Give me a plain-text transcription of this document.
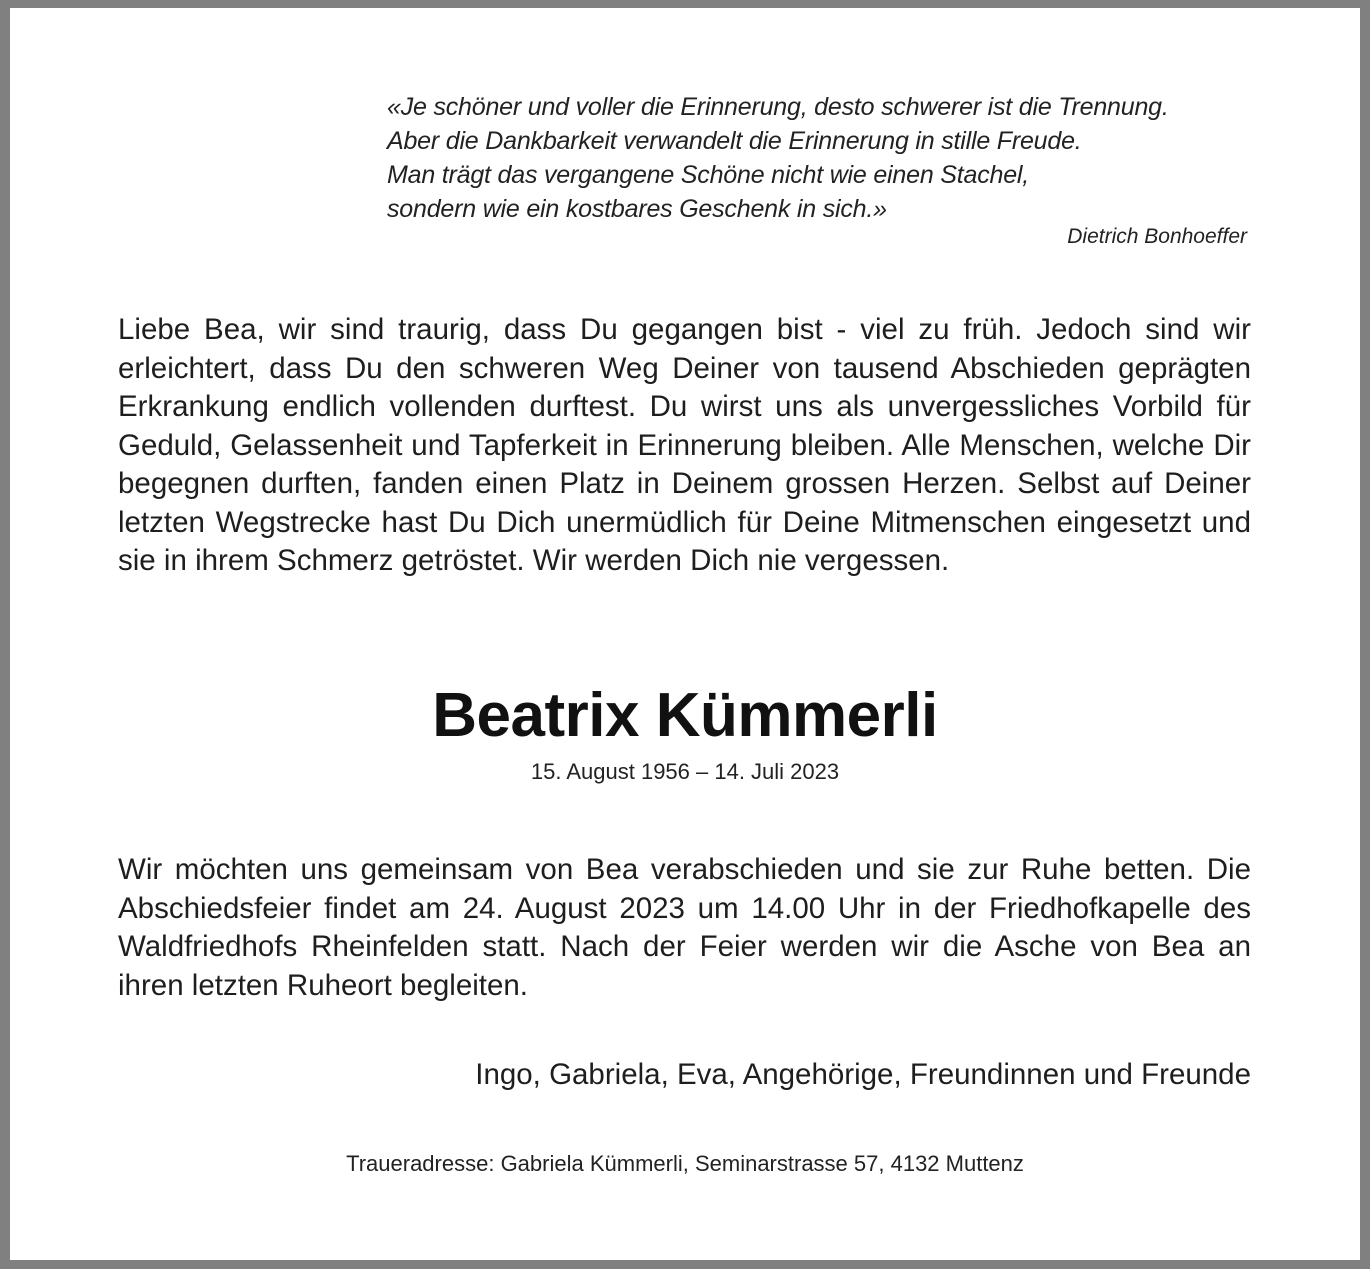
«Je schöner und voller die Erinnerung, desto schwerer ist die Trennung.
Aber die Dankbarkeit verwandelt die Erinnerung in stille Freude.
Man trägt das vergangene Schöne nicht wie einen Stachel,
sondern wie ein kostbares Geschenk in sich.»
Dietrich Bonhoeffer
Liebe Bea, wir sind traurig, dass Du gegangen bist - viel zu früh. Jedoch sind wir erleichtert, dass Du den schweren Weg Deiner von tausend Abschieden geprägten Erkrankung endlich vollenden durftest. Du wirst uns als unvergessliches Vorbild für Geduld, Gelassenheit und Tapferkeit in Erinnerung bleiben. Alle Menschen, welche Dir begegnen durften, fanden einen Platz in Deinem grossen Herzen. Selbst auf Deiner letzten Wegstrecke hast Du Dich unermüdlich für Deine Mitmenschen eingesetzt und sie in ihrem Schmerz getröstet. Wir werden Dich nie vergessen.
Beatrix Kümmerli
15. August 1956 – 14. Juli 2023
Wir möchten uns gemeinsam von Bea verabschieden und sie zur Ruhe betten. Die Abschiedsfeier findet am 24. August 2023 um 14.00 Uhr in der Friedhofkapelle des Waldfriedhofs Rheinfelden statt. Nach der Feier werden wir die Asche von Bea an ihren letzten Ruheort begleiten.
Ingo, Gabriela, Eva, Angehörige, Freundinnen und Freunde
Traueradresse: Gabriela Kümmerli, Seminarstrasse 57, 4132 Muttenz
